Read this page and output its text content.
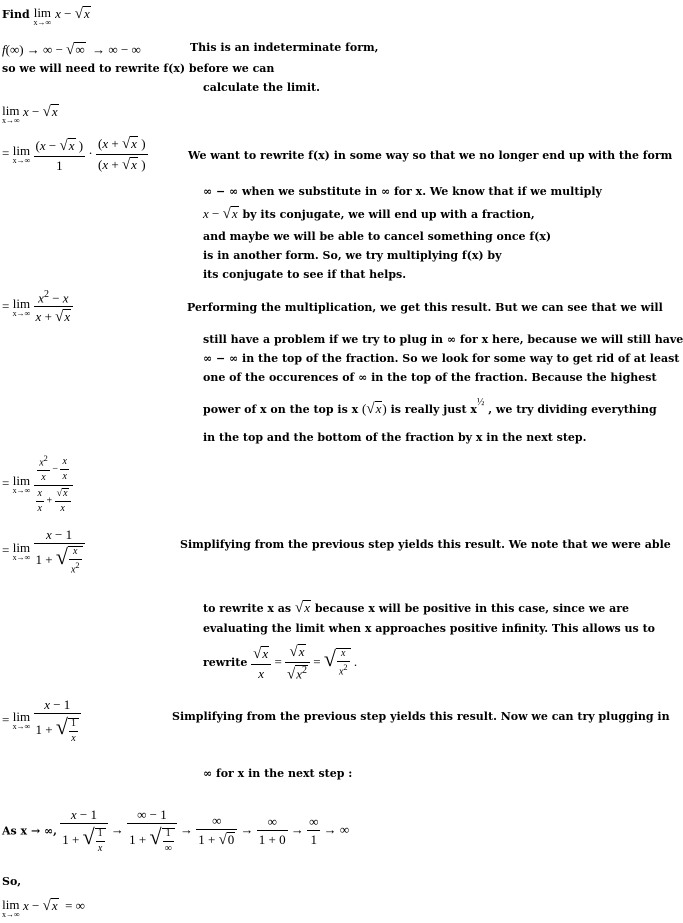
Find lim
x→∞
x − √x
f(∞) → ∞ − √∞  → ∞ − ∞	This is an indeterminate form,
so we will need to rewrite f(x) before we can
calculate the limit.
lim
x→∞
x − √x
= lim
x→∞
$\frac{(x - √x )}{1} \cdot \frac{(x + √x )}{(x + √x )}$	We want to rewrite f(x) in some way so that we no longer end up with the form
∞ − ∞ when we substitute in ∞ for x. We know that if we multiply
x − √x by its conjugate, we will end up with a fraction,
and maybe we will be able to cancel something once f(x)
is in another form. So, we try multiplying f(x) by
its conjugate to see if that helps.
= lim
x→∞
$\frac{x^2 - x}{x + √x}$	Performing the multiplication, we get this result. But we can see that we will
still have a problem if we try to plug in ∞ for x here, because we will still have
∞ − ∞ in the top of the fraction. So we look for some way to get rid of at least
one of the occurences of ∞ in the top of the fraction. Because the highest
power of x on the top is x (√x) is really just $x^{\frac{1}{2}}$ , we try dividing everything
in the top and the bottom of the fraction by x in the next step.
= lim
x→∞
$\frac{\frac{x^2}{x} - \frac{x}{x}}{\frac{x}{x} + \frac{√x}{x}}$
= lim
x→∞
$\frac{x - 1}{1 + √ \frac{x}{x^2}}$	Simplifying from the previous step yields this result. We note that we were able
to rewrite x as √x because x will be positive in this case, since we are
evaluating the limit when x approaches positive infinity. This allows us to
rewrite $\frac{√x}{x} = \frac{√x}{√x^2}$ = √ $\frac{x}{x^2}$ .
= lim
x→∞
$\frac{x - 1}{1 + √ \frac{1}{x}}$	Simplifying from the previous step yields this result. Now we can try plugging in
∞ for x in the next step :
As x → ∞, $\frac{x - 1}{1 + √ \frac{1}{x}} \to \frac{\infty - 1}{1 + √ \frac{1}{\infty}} \to \frac{\infty}{1 + √0} \to \frac{\infty}{1 + 0} \to \frac{\infty}{1}$ → ∞
So,
lim
x→∞
x − √x  = ∞
